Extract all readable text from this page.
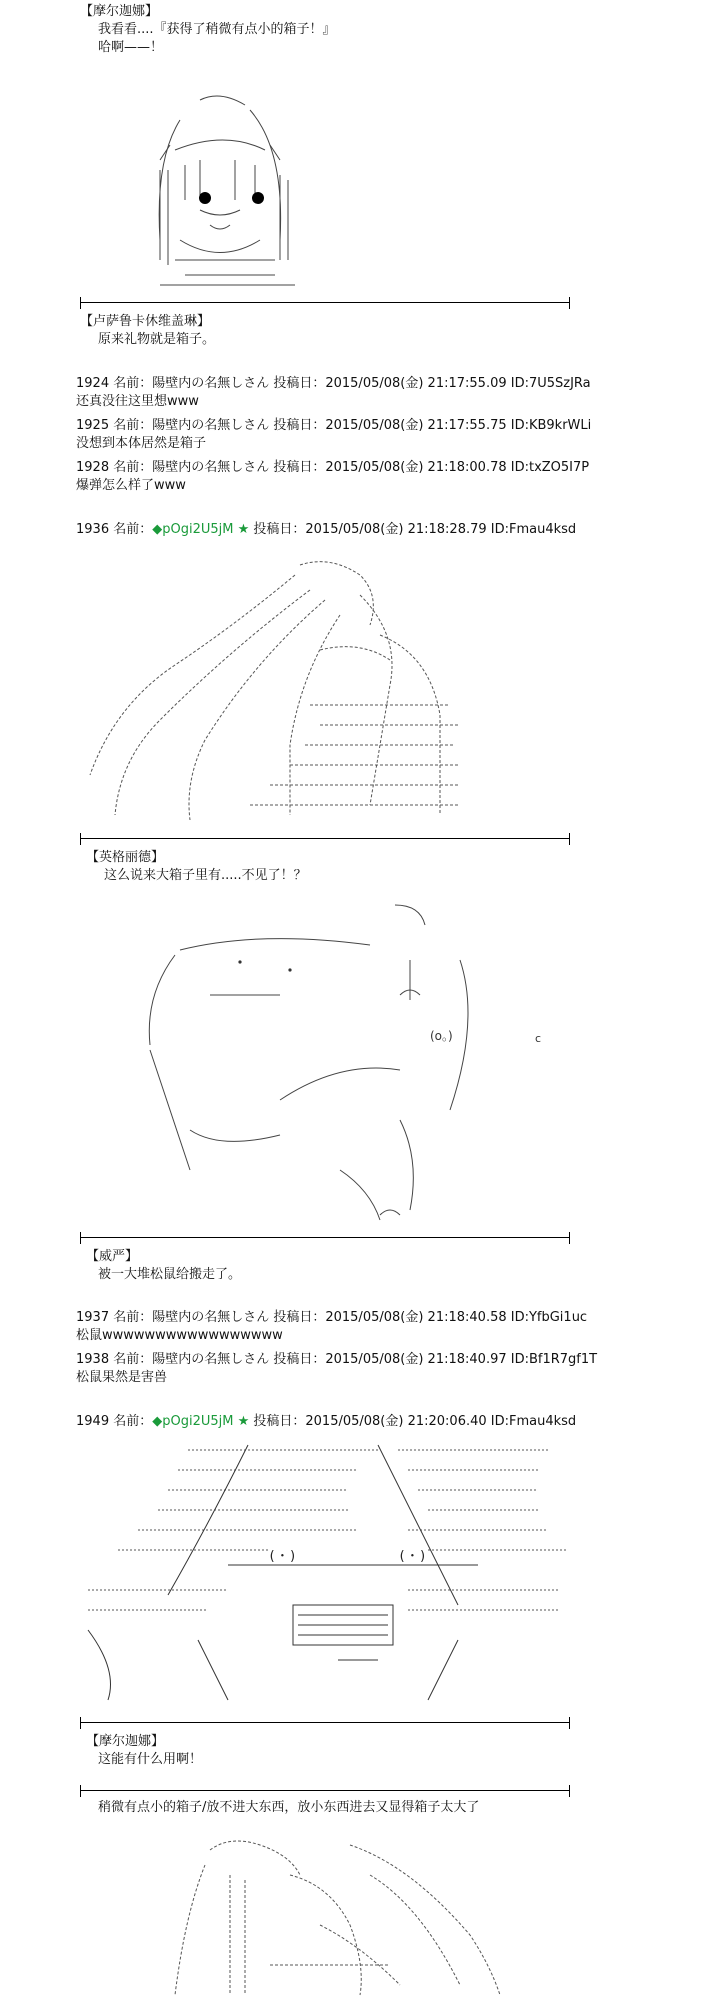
【摩尔迦娜】
我看看....『获得了稍微有点小的箱子！』
哈啊——！
【卢萨鲁卡休维盖琳】
原来礼物就是箱子。
1924 名前：陽壁内の名無しさん 投稿日：2015/05/08(金) 21:17:55.09 ID:7U5SzJRa
还真没往这里想www
1925 名前：陽壁内の名無しさん 投稿日：2015/05/08(金) 21:17:55.75 ID:KB9krWLi
没想到本体居然是箱子
1928 名前：陽壁内の名無しさん 投稿日：2015/05/08(金) 21:18:00.78 ID:txZO5I7P
爆弹怎么样了www
1936 名前：◆pOgi2U5jM ★ 投稿日：2015/05/08(金) 21:18:28.79 ID:Fmau4ksd
【英格丽德】
这么说来大箱子里有.....不见了！？
(o。)	c
【威严】
被一大堆松鼠给搬走了。
1937 名前：陽壁内の名無しさん 投稿日：2015/05/08(金) 21:18:40.58 ID:YfbGi1uc
松鼠wwwwwwwwwwwwwwwww
1938 名前：陽壁内の名無しさん 投稿日：2015/05/08(金) 21:18:40.97 ID:Bf1R7gf1T
松鼠果然是害兽
1949 名前：◆pOgi2U5jM ★ 投稿日：2015/05/08(金) 21:20:06.40 ID:Fmau4ksd
(・)	(・)
【摩尔迦娜】
这能有什么用啊！
稍微有点小的箱子/放不进大东西，放小东西进去又显得箱子太大了
